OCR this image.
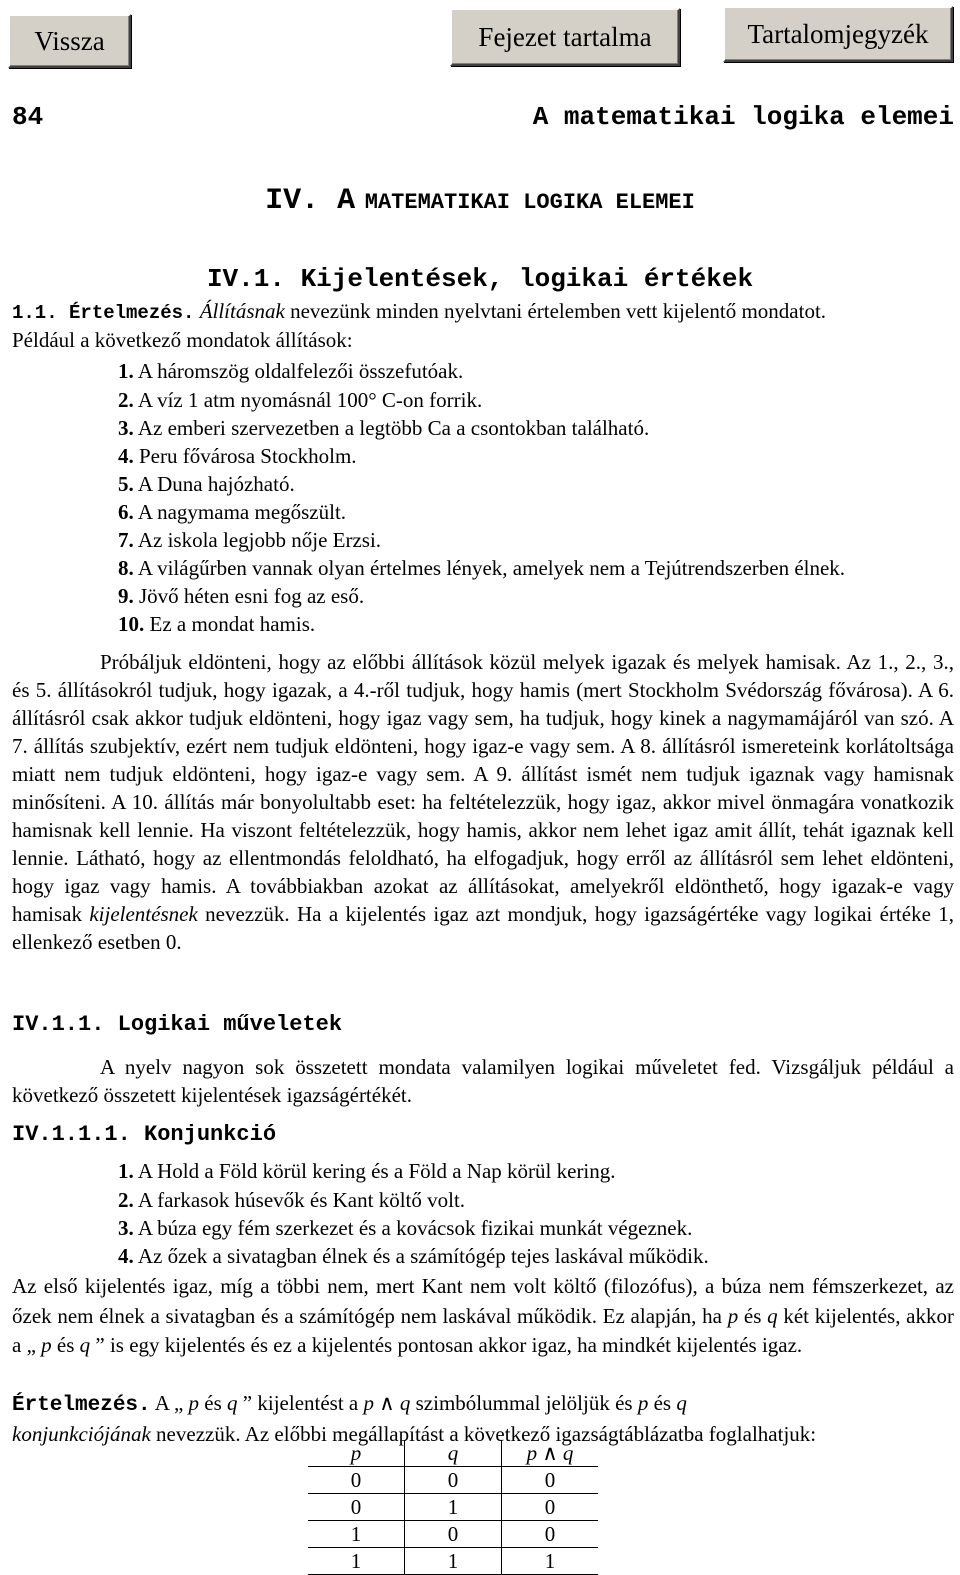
Vissza	Fejezet tartalma	Tartalomjegyzék
84	A matematikai logika elemei
IV. A MATEMATIKAI LOGIKA ELEMEI
IV.1. Kijelentések, logikai értékek
1.1. Értelmezés. Állításnak nevezünk minden nyelvtani értelemben vett kijelentő mondatot.
Például a következő mondatok állítások:
1. A háromszög oldalfelezői összefutóak.
2. A víz 1 atm nyomásnál 100° C-on forrik.
3. Az emberi szervezetben a legtöbb Ca a csontokban található.
4. Peru fővárosa Stockholm.
5. A Duna hajózható.
6. A nagymama megőszült.
7. Az iskola legjobb nője Erzsi.
8. A világűrben vannak olyan értelmes lények, amelyek nem a Tejútrendszerben élnek.
9. Jövő héten esni fog az eső.
10. Ez a mondat hamis.
Próbáljuk eldönteni, hogy az előbbi állítások közül melyek igazak és melyek hamisak. Az 1., 2., 3., és 5. állításokról tudjuk, hogy igazak, a 4.-ről tudjuk, hogy hamis (mert Stockholm Svédország fővárosa). A 6. állításról csak akkor tudjuk eldönteni, hogy igaz vagy sem, ha tudjuk, hogy kinek a nagymamájáról van szó. A 7. állítás szubjektív, ezért nem tudjuk eldönteni, hogy igaz-e vagy sem. A 8. állításról ismereteink korlátoltsága miatt nem tudjuk eldönteni, hogy igaz-e vagy sem. A 9. állítást ismét nem tudjuk igaznak vagy hamisnak minősíteni. A 10. állítás már bonyolultabb eset: ha feltételezzük, hogy igaz, akkor mivel önmagára vonatkozik hamisnak kell lennie. Ha viszont feltételezzük, hogy hamis, akkor nem lehet igaz amit állít, tehát igaznak kell lennie. Látható, hogy az ellentmondás feloldható, ha elfogadjuk, hogy erről az állításról sem lehet eldönteni, hogy igaz vagy hamis. A továbbiakban azokat az állításokat, amelyekről eldönthető, hogy igazak-e vagy hamisak kijelentésnek nevezzük. Ha a kijelentés igaz azt mondjuk, hogy igazságértéke vagy logikai értéke 1, ellenkező esetben 0.
IV.1.1. Logikai műveletek
A nyelv nagyon sok összetett mondata valamilyen logikai műveletet fed. Vizsgáljuk például a következő összetett kijelentések igazságértékét.
IV.1.1.1. Konjunkció
1. A Hold a Föld körül kering és a Föld a Nap körül kering.
2. A farkasok húsevők és Kant költő volt.
3. A búza egy fém szerkezet és a kovácsok fizikai munkát végeznek.
4. Az őzek a sivatagban élnek és a számítógép tejes laskával működik.
Az első kijelentés igaz, míg a többi nem, mert Kant nem volt költő (filozófus), a búza nem fémszerkezet, az őzek nem élnek a sivatagban és a számítógép nem laskával működik. Ez alapján, ha p és q két kijelentés, akkor a „ p és q ” is egy kijelentés és ez a kijelentés pontosan akkor igaz, ha mindkét kijelentés igaz.
Értelmezés. A „ p és q ” kijelentést a p ∧ q szimbólummal jelöljük és p és q
konjunkciójának nevezzük. Az előbbi megállapítást a következő igazságtáblázatba foglalhatjuk:
p	q	p ∧ q
0	0	0
0	1	0
1	0	0
1	1	1
